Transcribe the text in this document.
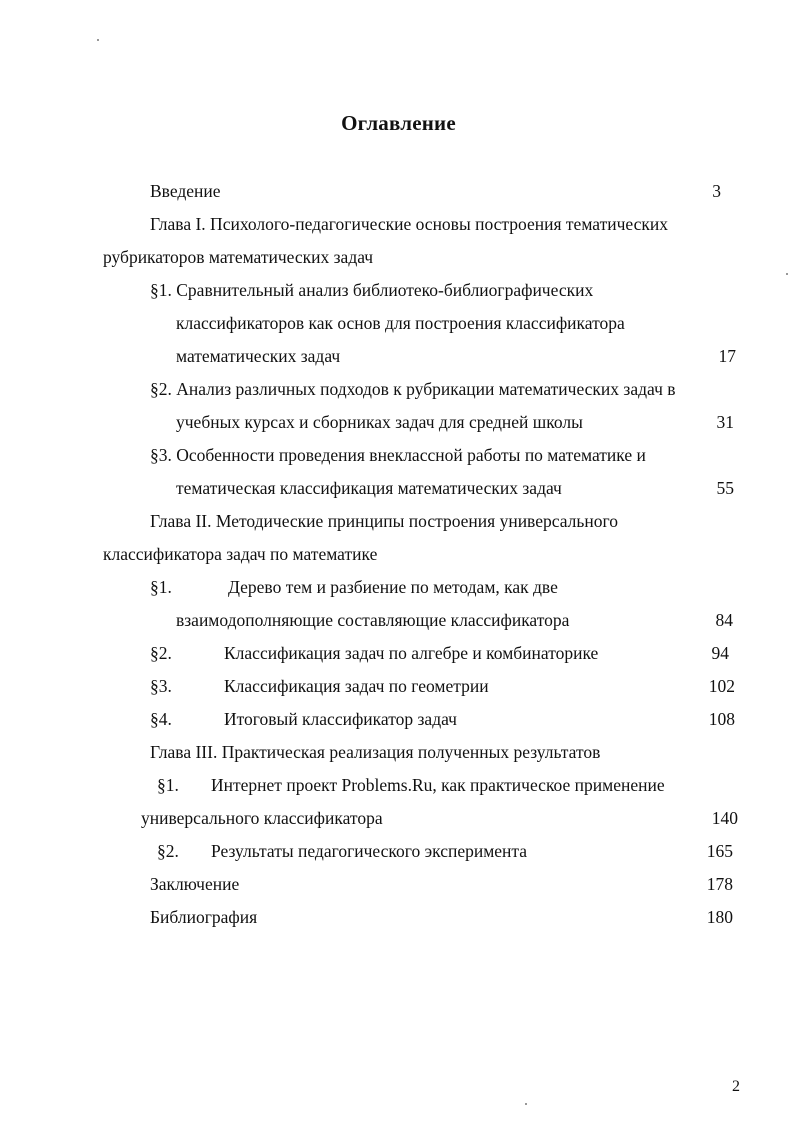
Оглавление
Введение	3
Глава I. Психолого-педагогические основы построения тематических
рубрикаторов математических задач
§1. Сравнительный анализ библиотеко-библиографических
классификаторов как основ для построения классификатора
математических задач	17
§2. Анализ различных подходов к рубрикации математических задач в
учебных курсах и сборниках задач для средней школы	31
§3. Особенности проведения внеклассной работы по математике и
тематическая классификация математических задач	55
Глава II. Методические принципы построения универсального
классификатора задач по математике
§1.	Дерево тем и разбиение по методам, как две
взаимодополняющие составляющие классификатора	84
§2.	Классификация задач по алгебре и комбинаторике	94
§3.	Классификация задач по геометрии	102
§4.	Итоговый классификатор задач	108
Глава III. Практическая реализация полученных результатов
§1. Интернет проект Problems.Ru, как практическое применение
универсального классификатора	140
§2. Результаты педагогического эксперимента	165
Заключение	178
Библиография	180
2
